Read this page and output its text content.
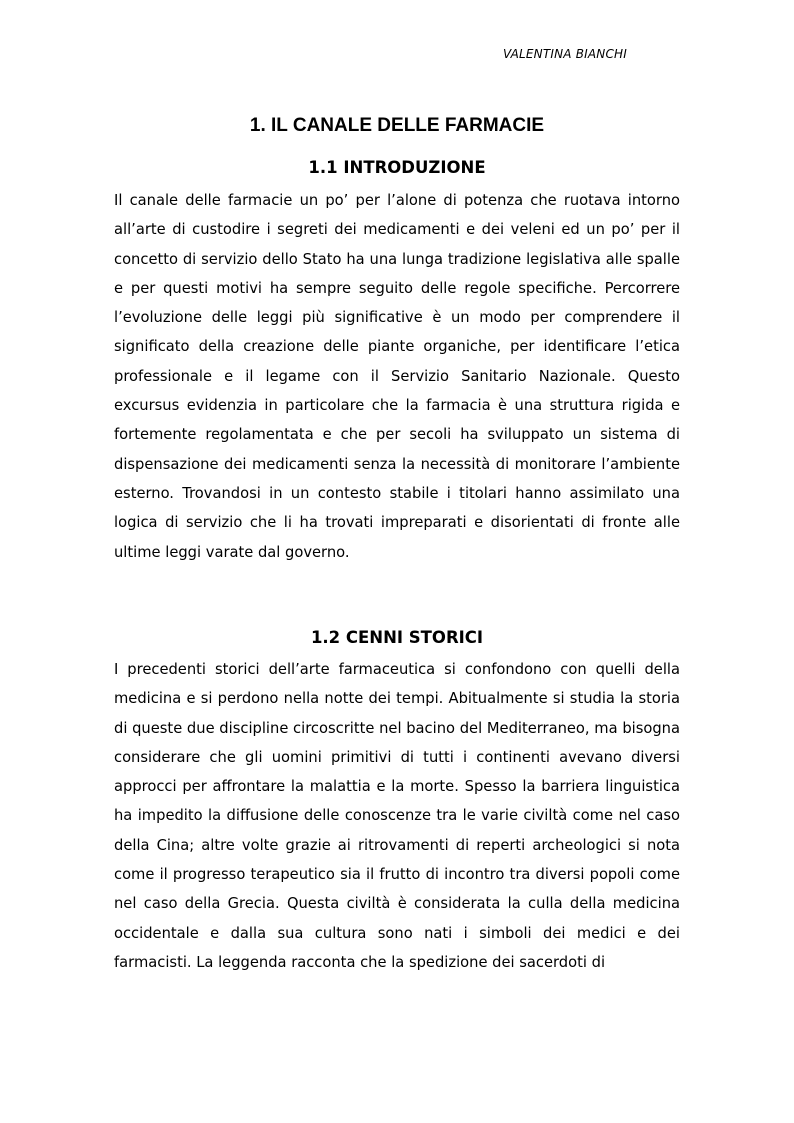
VALENTINA BIANCHI
1. IL CANALE DELLE FARMACIE
1.1 INTRODUZIONE

Il canale delle farmacie un po’ per l’alone di potenza che ruotava intorno all’arte di custodire i segreti dei medicamenti e dei veleni ed un po’ per il concetto di servizio dello Stato ha una lunga tradizione legislativa alle spalle e per questi motivi ha sempre seguito delle regole specifiche. Percorrere l’evoluzione delle leggi più significative è un modo per comprendere il significato della creazione delle piante organiche, per identificare l’etica professionale e il legame con il Servizio Sanitario Nazionale. Questo excursus evidenzia in particolare che la farmacia è una struttura rigida e fortemente regolamentata e che per secoli ha sviluppato un sistema di dispensazione dei medicamenti senza la necessità di monitorare l’ambiente esterno. Trovandosi in un contesto stabile i titolari hanno assimilato una logica di servizio che li ha trovati impreparati e disorientati di fronte alle ultime leggi varate dal governo.

1.2 CENNI STORICI

I precedenti storici dell’arte farmaceutica si confondono con quelli della medicina e si perdono nella notte dei tempi. Abitualmente si studia la storia di queste due discipline circoscritte nel bacino del Mediterraneo, ma bisogna considerare che gli uomini primitivi di tutti i continenti avevano diversi approcci per affrontare la malattia e la morte. Spesso la barriera linguistica ha impedito la diffusione delle conoscenze tra le varie civiltà come nel caso della Cina; altre volte grazie ai ritrovamenti di reperti archeologici si nota come il progresso terapeutico sia il frutto di incontro tra diversi popoli come nel caso della Grecia. Questa civiltà è considerata la culla della medicina occidentale e dalla sua cultura sono nati i simboli dei medici e dei farmacisti. La leggenda racconta che la spedizione dei sacerdoti di
